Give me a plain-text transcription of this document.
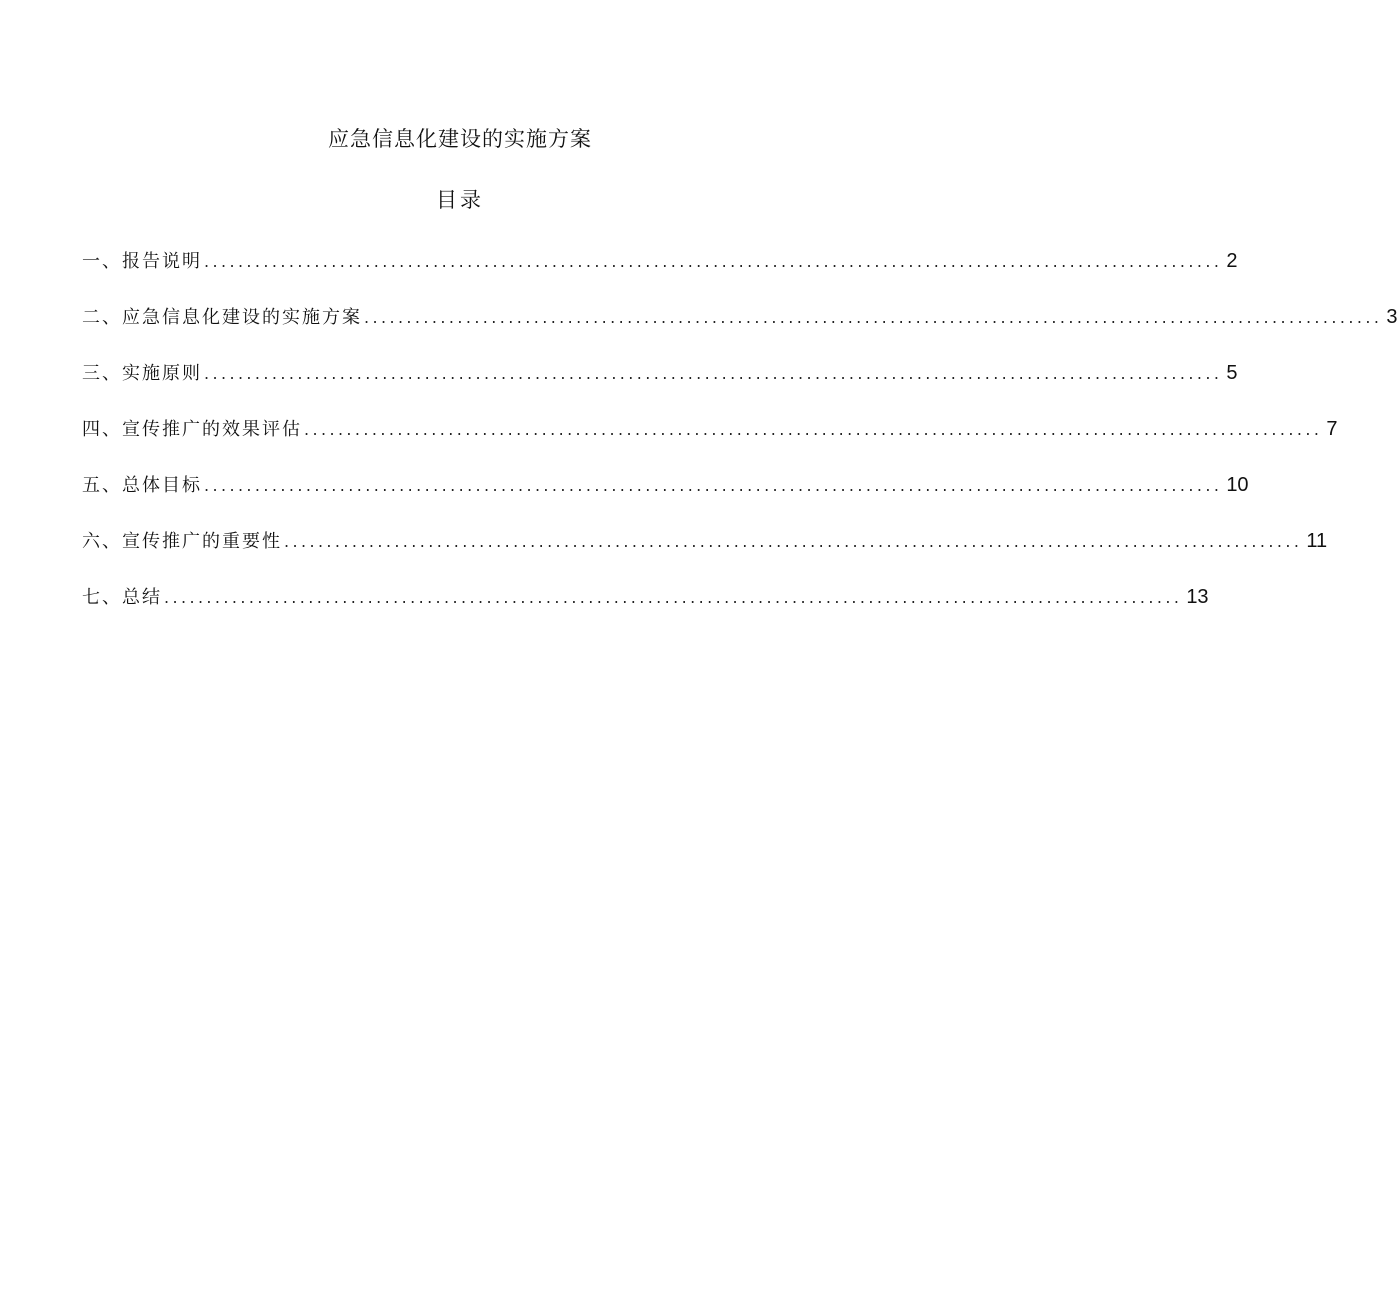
应急信息化建设的实施方案
目录
一、报告说明 ........................................................................................................................ 2
二、应急信息化建设的实施方案 ........................................................................................................................ 3
三、实施原则 ........................................................................................................................ 5
四、宣传推广的效果评估 ........................................................................................................................ 7
五、总体目标 ........................................................................................................................ 10
六、宣传推广的重要性 ........................................................................................................................ 11
七、总结 ........................................................................................................................ 13
